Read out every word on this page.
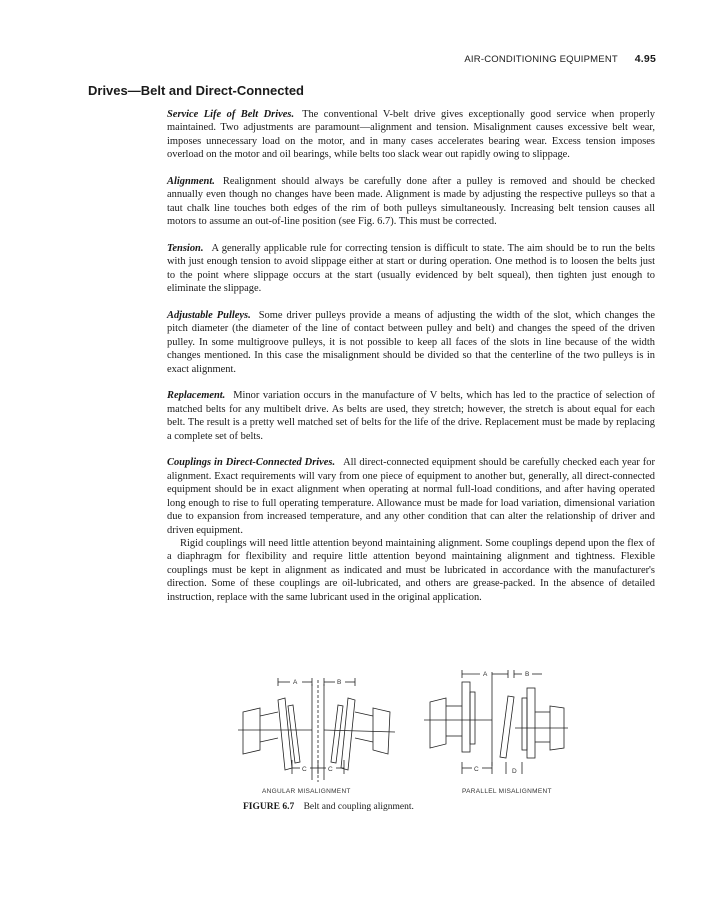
AIR-CONDITIONING EQUIPMENT 4.95
Drives—Belt and Direct-Connected

Service Life of Belt Drives. The conventional V-belt drive gives exceptionally good service when properly maintained. Two adjustments are paramount—alignment and tension. Misalignment causes excessive belt wear, imposes unnecessary load on the motor, and in many cases accelerates bearing wear. Excess tension imposes overload on the motor and oil bearings, while belts too slack wear out rapidly owing to slippage.

Alignment. Realignment should always be carefully done after a pulley is removed and should be checked annually even though no changes have been made. Alignment is made by adjusting the respective pulleys so that a taut chalk line touches both edges of the rim of both pulleys simultaneously. Increasing belt tension causes all motors to assume an out-of-line position (see Fig. 6.7). This must be corrected.

Tension. A generally applicable rule for correcting tension is difficult to state. The aim should be to run the belts with just enough tension to avoid slippage either at start or during operation. One method is to loosen the belts just to the point where slippage occurs at the start (usually evidenced by belt squeal), then tighten just enough to eliminate the slippage.

Adjustable Pulleys. Some driver pulleys provide a means of adjusting the width of the slot, which changes the pitch diameter (the diameter of the line of contact between pulley and belt) and changes the speed of the driven pulley. In some multigroove pulleys, it is not possible to keep all faces of the slots in line because of the width changes mentioned. In this case the misalignment should be divided so that the centerline of the two pulleys is in exact alignment.

Replacement. Minor variation occurs in the manufacture of V belts, which has led to the practice of selection of matched belts for any multibelt drive. As belts are used, they stretch; however, the stretch is about equal for each belt. The result is a pretty well matched set of belts for the life of the drive. Replacement must be made by replacing a complete set of belts.

Couplings in Direct-Connected Drives. All direct-connected equipment should be carefully checked each year for alignment. Exact requirements will vary from one piece of equipment to another but, generally, all direct-connected equipment should be in exact alignment when operating at normal full-load conditions, and after having operated long enough to rise to full operating temperature. Allowance must be made for load variation, dimensional variation due to expansion from increased temperature, and any other condition that can alter the relationship of driver and driven equipment.

Rigid couplings will need little attention beyond maintaining alignment. Some couplings depend upon the flex of a diaphragm for flexibility and require little attention beyond maintaining alignment and tightness. Flexible couplings must be kept in alignment as indicated and must be lubricated in accordance with the manufacturer's direction. Some of these couplings are oil-lubricated, and others are grease-packed. In the absence of detailed instruction, replace with the same lubricant used in the original application.

A	B
C	C
A	B
C	D
ANGULAR MISALIGNMENT	PARALLEL MISALIGNMENT
FIGURE 6.7 Belt and coupling alignment.
